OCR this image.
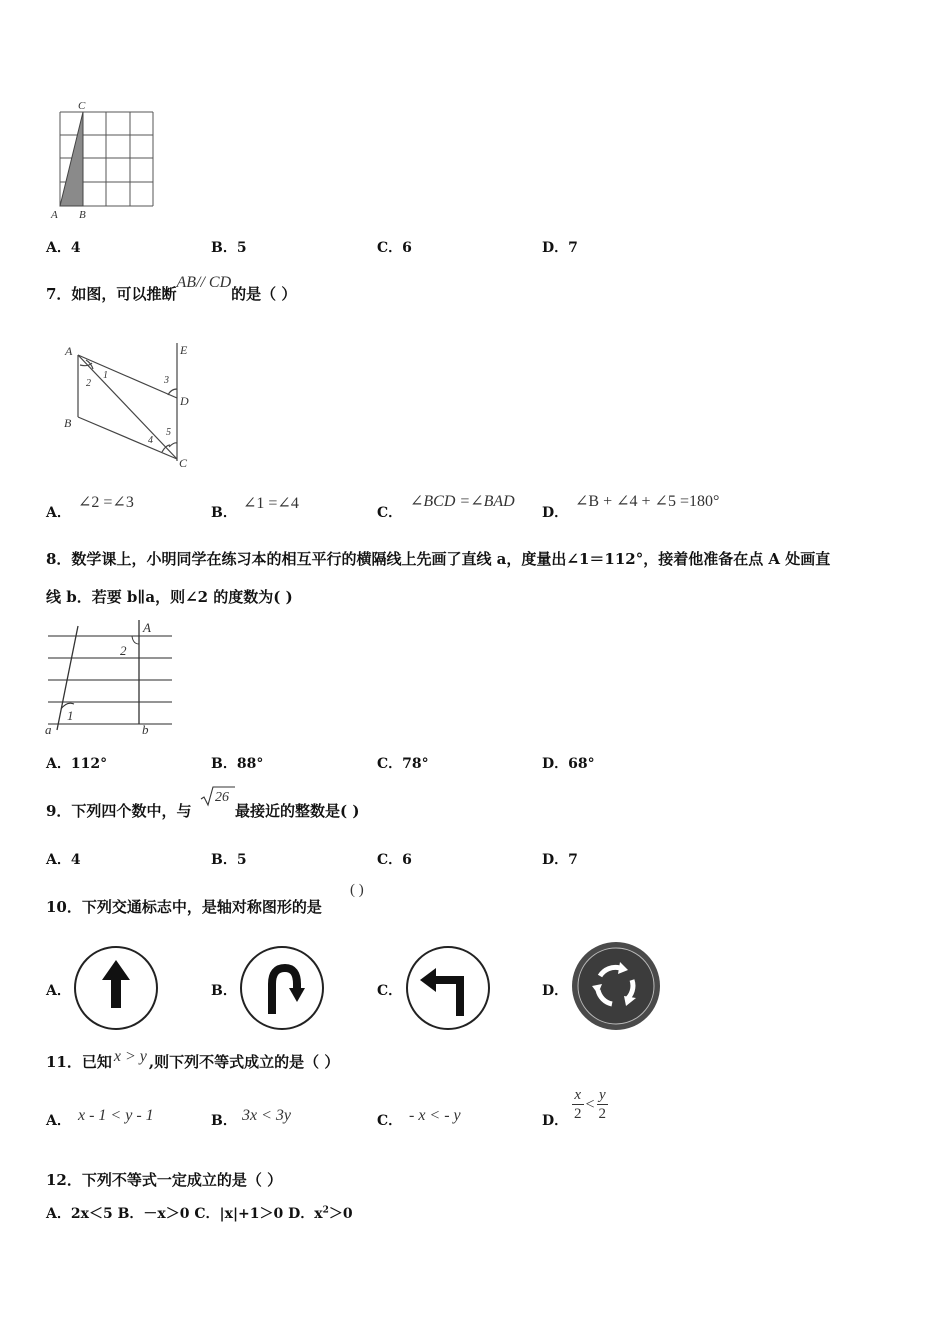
C
A B
A．4	B．5	C．6	D．7
7．如图，可以推断AB// CD的是（ ）
A
B
C
D
E
1
2	3
4
5
A．
∠2 =∠3
B．
∠1 =∠4
C．
∠BCD =∠BAD
D．
∠B + ∠4 + ∠5 =180°
8．数学课上，小明同学在练习本的相互平行的横隔线上先画了直线 a，度量出∠1＝112°，接着他准备在点 A 处画直
线 b．若要 b∥a，则∠2 的度数为( )
A
2
1
a	b
A．112°	B．88°	C．78°	D．68°
9．下列四个数中，与
26
最接近的整数是( )
A．4	B．5	C．6	D．7
10．下列交通标志中，是轴对称图形的是
( )
A．	B．	C．	D．
11．已知 x > y ,则下列不等式成立的是（ ）
A． x - 1 < y - 1	B． 3x < 3y	C． - x < - y	D． $\frac{x}{2} < \frac{y}{2}$
12．下列不等式一定成立的是（ ）
A．2x＜5 B．－x＞0 C．|x|+1＞0 D．$x^2>0$
